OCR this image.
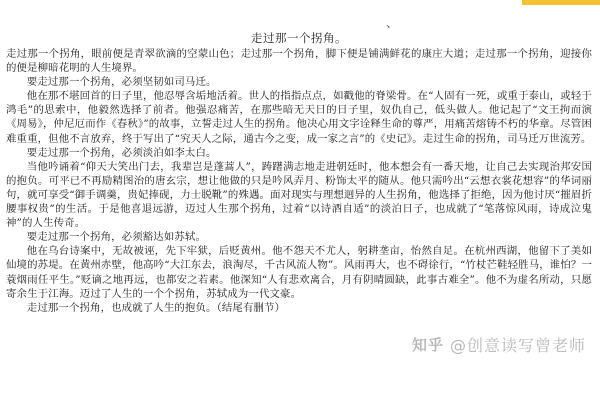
、

走过那一个拐角。

走过那一个拐角，眼前便是青翠欲滴的空蒙山色；走过那一个拐角，脚下便是铺满鲜花的康庄大道；走过那一个拐角，迎接你的便是柳暗花明的人生境界。

要走过那一个拐角，必须坚韧如司马迁。

他在那不堪回首的日子里，他忍辱含垢地活着。世人的指指点点，如戳他的脊梁骨。在“人固有一死，或重于泰山，或轻于鸿毛”的思索中，他毅然选择了前者。他强忍痛苦，在那些暗无天日的日子里，奴仇自己，低头做人。他记起了“文王拘而演《周易》，仲尼厄而作《春秋》”的故事，立誓走过人生的拐角。他决心用文字诠释生命的尊严，用痛苦熔铸不朽的华章。尽管困难重重，但他不言放弃，终于写出了“究天人之际，通古今之变，成一家之言”的《史记》。走过生命的拐角，司马迁万世流芳。

要走过那一个拐角，必须淡泊如李太白。

当他吟诵着“仰天大笑出门去，我辈岂是蓬蒿人”，踌躇满志地走进朝廷时，他本想会有一番天地，让自己去实现治邦安国的抱负。可平已不再励精图治的唐玄宗，想让他做的只是吟风弄月、粉饰太平的随从。他只需吟出“云想衣裳花想容”的华词丽句，就可享受“御手调羹，贵妃捧砚，力士脱靴”的殊遇。面对现实与理想迥异的人生拐角，他选择了拒绝，因为他讨厌“摧眉折腰事权贵”的生活。于是他喜退远游，迈过人生那个拐角，过着“以诗酒自适”的淡泊日子，也成就了“笔落惊风雨，诗成泣鬼神”的人生传奇。

要走过那一个拐角，必须豁达如苏轼。

他在乌台诗案中，无故被诬，先下牢狱，后贬黄州。他不怨天不尤人，躬耕垄亩，怡然自足。在杭州西湖，他留下了美如仙境的苏堤。在黄州赤壁，他高吟“大江东去，浪淘尽，千古风流人物”。风雨再大，也不碍徐行，“竹杖芒鞋轻胜马，谁怕？一蓑烟雨任平生。”贬谪之地再远，也都安之若素。他深知“人有悲欢离合，月有阴晴圆缺，此事古难全”。他不为虚名所动，只愿寄余生于江海。迈过了人生的一个个拐角，苏轼成为一代文豪。

走过那一个拐角，也成就了人生的抱负。（结尾有删节）

知乎 @创意读写曾老师
